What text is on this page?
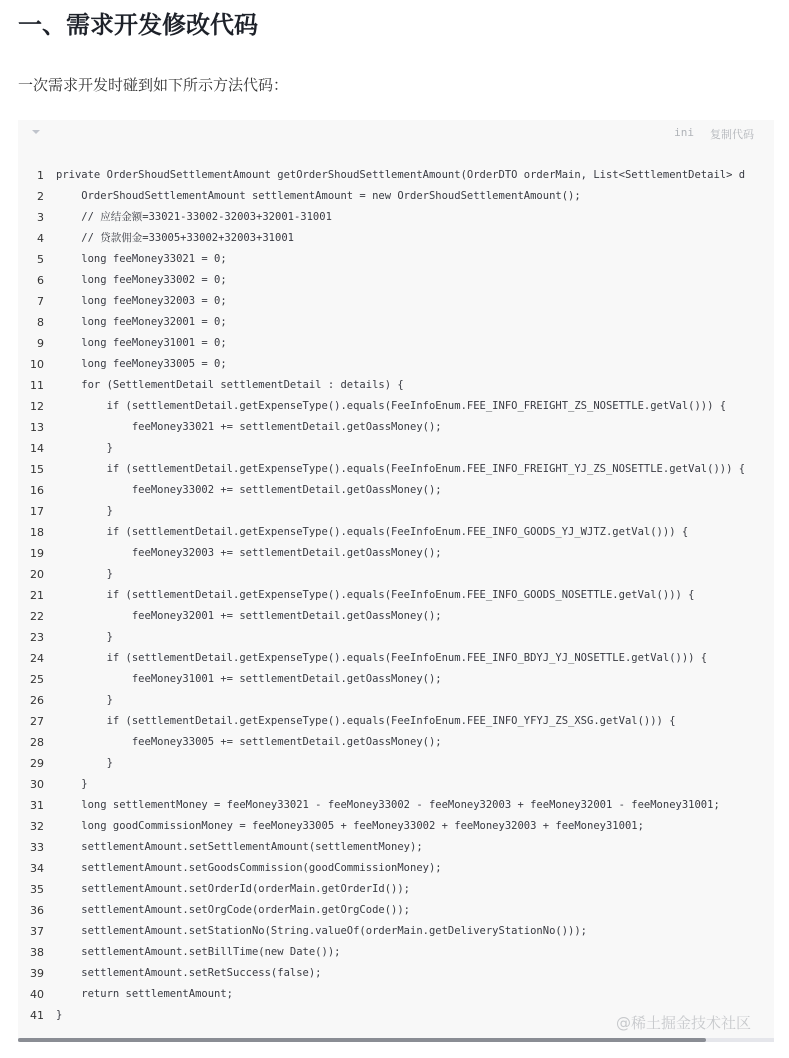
一、需求开发修改代码

一次需求开发时碰到如下所示方法代码：

ini 复制代码
1 private OrderShoudSettlementAmount getOrderShoudSettlementAmount(OrderDTO orderMain, List<SettlementDetail> d
2 OrderShoudSettlementAmount settlementAmount = new OrderShoudSettlementAmount();
3 // 应结金额=33021-33002-32003+32001-31001
4 // 贷款佣金=33005+33002+32003+31001
5 long feeMoney33021 = 0;
6 long feeMoney33002 = 0;
7 long feeMoney32003 = 0;
8 long feeMoney32001 = 0;
9 long feeMoney31001 = 0;
10 long feeMoney33005 = 0;
11 for (SettlementDetail settlementDetail : details) {
12 if (settlementDetail.getExpenseType().equals(FeeInfoEnum.FEE_INFO_FREIGHT_ZS_NOSETTLE.getVal())) {
13 feeMoney33021 += settlementDetail.getOassMoney();
14 }
15 if (settlementDetail.getExpenseType().equals(FeeInfoEnum.FEE_INFO_FREIGHT_YJ_ZS_NOSETTLE.getVal())) {
16 feeMoney33002 += settlementDetail.getOassMoney();
17 }
18 if (settlementDetail.getExpenseType().equals(FeeInfoEnum.FEE_INFO_GOODS_YJ_WJTZ.getVal())) {
19 feeMoney32003 += settlementDetail.getOassMoney();
20 }
21 if (settlementDetail.getExpenseType().equals(FeeInfoEnum.FEE_INFO_GOODS_NOSETTLE.getVal())) {
22 feeMoney32001 += settlementDetail.getOassMoney();
23 }
24 if (settlementDetail.getExpenseType().equals(FeeInfoEnum.FEE_INFO_BDYJ_YJ_NOSETTLE.getVal())) {
25 feeMoney31001 += settlementDetail.getOassMoney();
26 }
27 if (settlementDetail.getExpenseType().equals(FeeInfoEnum.FEE_INFO_YFYJ_ZS_XSG.getVal())) {
28 feeMoney33005 += settlementDetail.getOassMoney();
29 }
30 }
31 long settlementMoney = feeMoney33021 - feeMoney33002 - feeMoney32003 + feeMoney32001 - feeMoney31001;
32 long goodCommissionMoney = feeMoney33005 + feeMoney33002 + feeMoney32003 + feeMoney31001;
33 settlementAmount.setSettlementAmount(settlementMoney);
34 settlementAmount.setGoodsCommission(goodCommissionMoney);
35 settlementAmount.setOrderId(orderMain.getOrderId());
36 settlementAmount.setOrgCode(orderMain.getOrgCode());
37 settlementAmount.setStationNo(String.valueOf(orderMain.getDeliveryStationNo()));
38 settlementAmount.setBillTime(new Date());
39 settlementAmount.setRetSuccess(false);
40 return settlementAmount;
41 }	@稀土掘金技术社区
